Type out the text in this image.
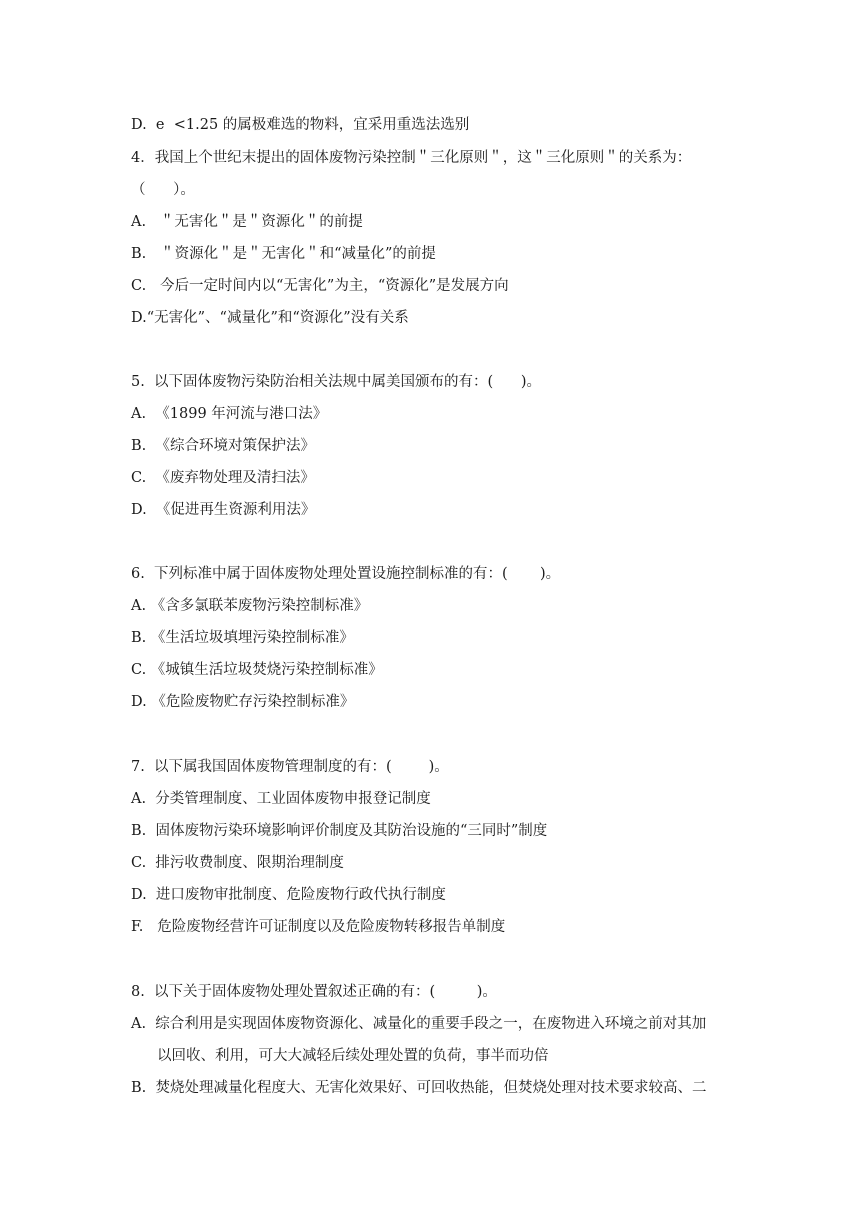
D.  e  <1.25 的属极难选的物料，宜采用重选法选别
4．我国上个世纪末提出的固体废物污染控制＂三化原则＂，这＂三化原则＂的关系为：
（      ）。
A.   ＂无害化＂是＂资源化＂的前提
B.   ＂资源化＂是＂无害化＂和“减量化”的前提
C.   今后一定时间内以“无害化”为主，“资源化”是发展方向
D.“无害化”、“减量化”和“资源化”没有关系
5.  以下固体废物污染防治相关法规中属美国颁布的有：(      )。
A.  《1899 年河流与港口法》
B.  《综合环境对策保护法》
C.  《废弃物处理及清扫法》
D.  《促进再生资源利用法》
6.  下列标准中属于固体废物处理处置设施控制标准的有：(       )。
A. 《含多氯联苯废物污染控制标准》
B. 《生活垃圾填埋污染控制标准》
C. 《城镇生活垃圾焚烧污染控制标准》
D. 《危险废物贮存污染控制标准》
7.  以下属我国固体废物管理制度的有：(        )。
A.  分类管理制度、工业固体废物申报登记制度
B.  固体废物污染环境影响评价制度及其防治设施的“三同时”制度
C.  排污收费制度、限期治理制度
D.  进口废物审批制度、危险废物行政代执行制度
F.   危险废物经营许可证制度以及危险废物转移报告单制度
8.  以下关于固体废物处理处置叙述正确的有：(         )。
A.  综合利用是实现固体废物资源化、减量化的重要手段之一，在废物进入环境之前对其加
以回收、利用，可大大减轻后续处理处置的负荷，事半而功倍
B.  焚烧处理减量化程度大、无害化效果好、可回收热能，但焚烧处理对技术要求较高、二
